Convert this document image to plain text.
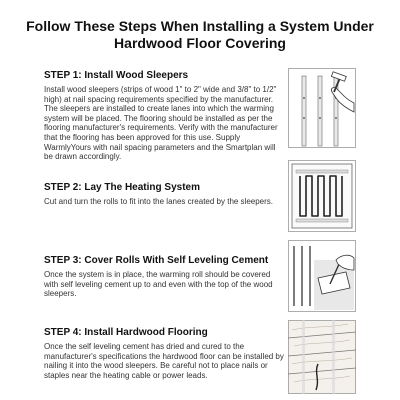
Follow These Steps When Installing a System Under
Hardwood Floor Covering
STEP 1: Install Wood Sleepers

Install wood sleepers (strips of wood 1" to 2" wide and 3/8" to 1/2" high) at nail spacing requirements specified by the manufacturer. The sleepers are installed to create lanes into which the warming system will be placed. The flooring should be installed as per the flooring manufacturer's requirements. Verify with the manufacturer that the flooring has been approved for this use. Supply WarmlyYours with nail spacing parameters and the Smartplan will be drawn accordingly.

STEP 2: Lay The Heating System

Cut and turn the rolls to fit into the lanes created by the sleepers.

STEP 3: Cover Rolls With Self Leveling Cement

Once the system is in place, the warming roll should be covered with self leveling cement up to and even with the top of the wood sleepers.

STEP 4: Install Hardwood Flooring

Once the self leveling cement has dried and cured to the manufacturer's specifications the hardwood floor can be installed by nailing it into the wood sleepers. Be careful not to place nails or staples near the heating cable or power leads.
